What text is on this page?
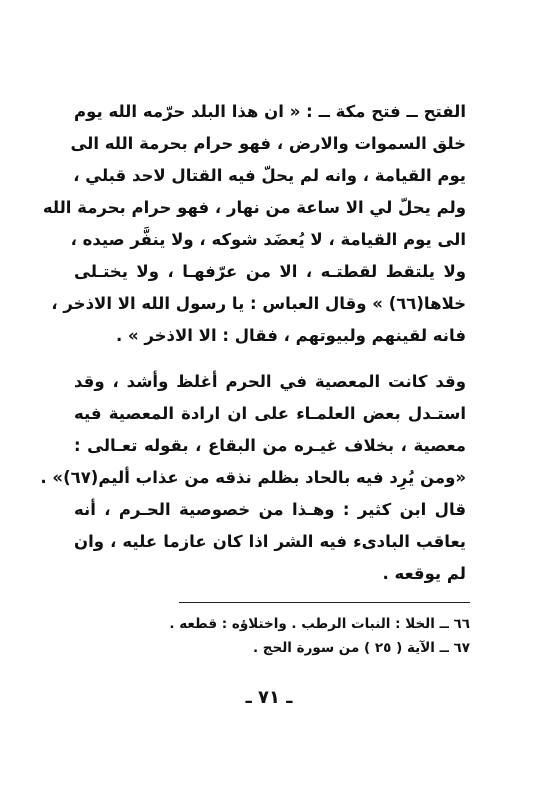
الفتح ــ فتح مكة ــ : « ان هذا البلد حرّمه الله يوم
خلق السموات والارض ، فهو حرام بحرمة الله الى
يوم القيامة ، وانه لم يحلّ فيه القتال لاحد قبلي ،
ولم يحلّ لي الا ساعة من نهار ، فهو حرام بحرمة الله
الى يوم القيامة ، لا يُعضَد شوكه ، ولا ينفَّر صيده ،
ولا يلتقط لقطتـه ، الا من عرّفهـا ، ولا يختـلى
خلاها(٦٦) » وقال العباس : يا رسول الله الا الاذخر ،
فانه لقينهم ولبيوتهم ، فقال : الا الاذخر » .
وقد كانت المعصية في الحرم أغلظ وأشد ، وقد
استـدل بعض العلمـاء على ان ارادة المعصية فيه
معصية ، بخلاف غيـره من البقاع ، بقوله تعـالى :
«ومن يُرِد فيه بالحاد بظلم نذقه من عذاب أليم(٦٧)» .
قال ابن كثير : وهـذا من خصوصية الحـرم ، أنه
يعاقب البادىء فيه الشر اذا كان عازما عليه ، وان
لم يوقعه .
٦٦ ــ الخلا : النبات الرطب . واختلاؤه : قطعه .
٦٧ ــ الآية ( ٢٥ ) من سورة الحج .
ـ ٧١ ـ
